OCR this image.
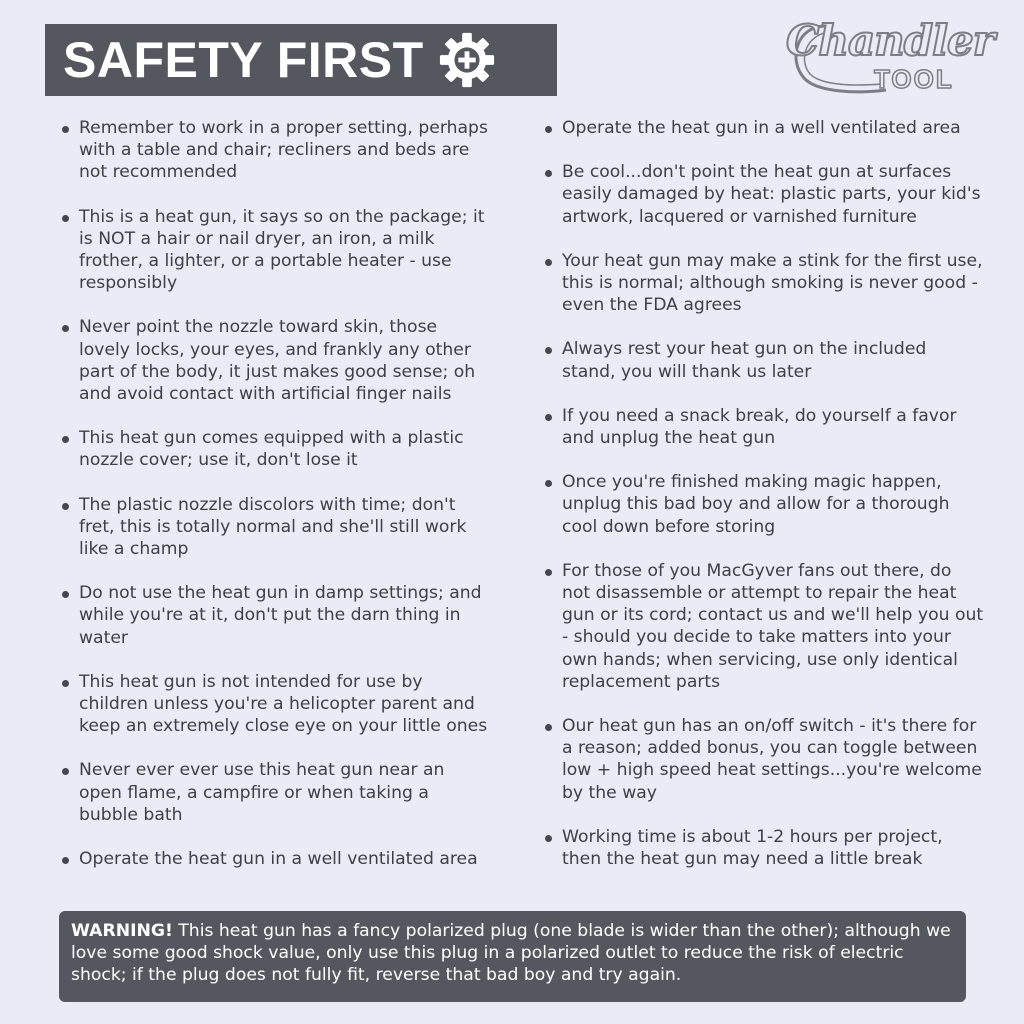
SAFETY FIRST	Chandler
TOOL
Remember to work in a proper setting, perhaps with a table and chair; recliners and beds are not recommended
This is a heat gun, it says so on the package; it is NOT a hair or nail dryer, an iron, a milk frother, a lighter, or a portable heater - use responsibly
Never point the nozzle toward skin, those lovely locks, your eyes, and frankly any other part of the body, it just makes good sense; oh and avoid contact with artificial finger nails
This heat gun comes equipped with a plastic nozzle cover; use it, don't lose it
The plastic nozzle discolors with time; don't fret, this is totally normal and she'll still work like a champ
Do not use the heat gun in damp settings; and while you're at it, don't put the darn thing in water
This heat gun is not intended for use by children unless you're a helicopter parent and keep an extremely close eye on your little ones
Never ever ever use this heat gun near an open flame, a campfire or when taking a bubble bath
Operate the heat gun in a well ventilated area
Operate the heat gun in a well ventilated area
Be cool...don't point the heat gun at surfaces easily damaged by heat: plastic parts, your kid's artwork, lacquered or varnished furniture
Your heat gun may make a stink for the first use, this is normal; although smoking is never good - even the FDA agrees
Always rest your heat gun on the included stand, you will thank us later
If you need a snack break, do yourself a favor and unplug the heat gun
Once you're finished making magic happen, unplug this bad boy and allow for a thorough cool down before storing
For those of you MacGyver fans out there, do not disassemble or attempt to repair the heat gun or its cord; contact us and we'll help you out - should you decide to take matters into your own hands; when servicing, use only identical replacement parts
Our heat gun has an on/off switch - it's there for a reason; added bonus, you can toggle between low + high speed heat settings...you're welcome by the way
Working time is about 1-2 hours per project, then the heat gun may need a little break
WARNING! This heat gun has a fancy polarized plug (one blade is wider than the other); although we love some good shock value, only use this plug in a polarized outlet to reduce the risk of electric shock; if the plug does not fully fit, reverse that bad boy and try again.
